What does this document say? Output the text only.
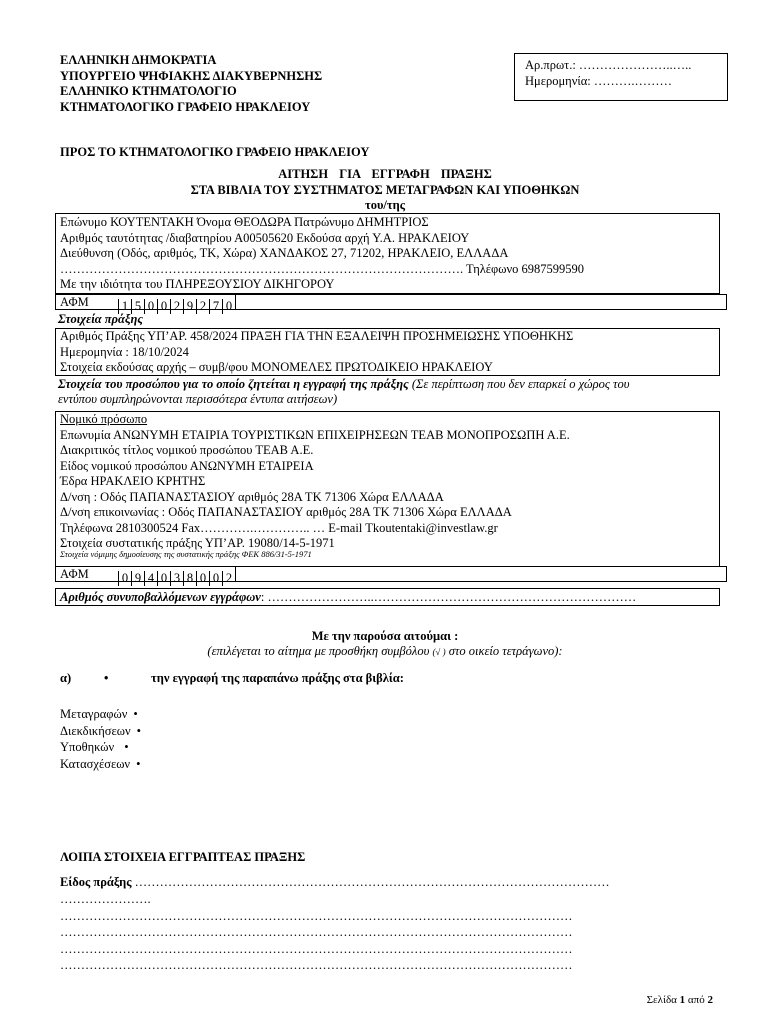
ΕΛΛΗΝΙΚΗ ΔΗΜΟΚΡΑΤΙΑ
ΥΠΟΥΡΓΕΙΟ ΨΗΦΙΑΚΗΣ ΔΙΑΚΥΒΕΡΝΗΣΗΣ
ΕΛΛΗΝΙΚΟ ΚΤΗΜΑΤΟΛΟΓΙΟ
ΚΤΗΜΑΤΟΛΟΓΙΚΟ ΓΡΑΦΕΙΟ ΗΡΑΚΛΕΙΟΥ
Αρ.πρωτ.: …………………..…..
Ημερομηνία: ……….………
ΠΡΟΣ ΤΟ ΚΤΗΜΑΤΟΛΟΓΙΚΟ ΓΡΑΦΕΙΟ ΗΡΑΚΛΕΙΟΥ
ΑΙΤΗΣΗ ΓΙΑ ΕΓΓΡΑΦΗ ΠΡΑΞΗΣ
ΣΤΑ ΒΙΒΛΙΑ ΤΟΥ ΣΥΣΤΗΜΑΤΟΣ ΜΕΤΑΓΡΑΦΩΝ ΚΑΙ ΥΠΟΘΗΚΩΝ
του/της
Επώνυμο ΚΟΥΤΕΝΤΑΚΗ Όνομα ΘΕΟΔΩΡΑ Πατρώνυμο ΔΗΜΗΤΡΙΟΣ
Αριθμός ταυτότητας /διαβατηρίου Α00505620 Εκδούσα αρχή Υ.Α. ΗΡΑΚΛΕΙΟΥ
Διεύθυνση (Οδός, αριθμός, ΤΚ, Χώρα) ΧΑΝΔΑΚΟΣ 27, 71202, ΗΡΑΚΛΕΙΟ, ΕΛΛΑΔΑ
……………………………………………………………………………………. Τηλέφωνο 6987599590
Με την ιδιότητα του ΠΛΗΡΕΞΟΥΣΙΟΥ ΔΙΚΗΓΟΡΟΥ
ΑΦΜ	1 5 0 0 2 9 2 7 0
Στοιχεία πράξης
Αριθμός Πράξης ΥΠ’ΑΡ. 458/2024 ΠΡΑΞΗ ΓΙΑ ΤΗΝ ΕΞΑΛΕΙΨΗ ΠΡΟΣΗΜΕΙΩΣΗΣ ΥΠΟΘΗΚΗΣ
Ημερομηνία : 18/10/2024
Στοιχεία εκδούσας αρχής – συμβ/φου ΜΟΝΟΜΕΛΕΣ ΠΡΩΤΟΔΙΚΕΙΟ ΗΡΑΚΛΕΙΟΥ
Στοιχεία του προσώπου για το οποίο ζητείται η εγγραφή της πράξης (Σε περίπτωση που δεν επαρκεί ο χώρος του
εντύπου συμπληρώνονται περισσότερα έντυπα αιτήσεων)
Νομικό πρόσωπο
Επωνυμία ΑΝΩΝΥΜΗ ΕΤΑΙΡΙΑ ΤΟΥΡΙΣΤΙΚΩΝ ΕΠΙΧΕΙΡΗΣΕΩΝ ΤΕΑΒ ΜΟΝΟΠΡΟΣΩΠΗ Α.Ε.
Διακριτικός τίτλος νομικού προσώπου ΤΕΑΒ Α.Ε.
Είδος νομικού προσώπου ΑΝΩΝΥΜΗ ΕΤΑΙΡΕΙΑ
Έδρα ΗΡΑΚΛΕΙΟ ΚΡΗΤΗΣ
Δ/νση : Οδός ΠΑΠΑΝΑΣΤΑΣΙΟΥ αριθμός 28Α ΤΚ 71306 Χώρα ΕΛΛΑΔΑ
Δ/νση επικοινωνίας : Οδός ΠΑΠΑΝΑΣΤΑΣΙΟΥ αριθμός 28Α ΤΚ 71306 Χώρα ΕΛΛΑΔΑ
Τηλέφωνα 2810300524 Fax………….………….. … E-mail Tkoutentaki@investlaw.gr
Στοιχεία συστατικής πράξης ΥΠ’ΑΡ. 19080/14-5-1971
Στοιχεία νόμιμης δημοσίευσης της συστατικής πράξης ΦΕΚ 886/31-5-1971
ΑΦΜ	0 9 4 0 3 8 0 0 2
Αριθμός συνυποβαλλόμενων εγγράφων: ……………………..………………………………………………………
Με την παρούσα αιτούμαι :
(επιλέγεται το αίτημα με προσθήκη συμβόλου (√ ) στο οικείο τετράγωνο):
α)	•	την εγγραφή της παραπάνω πράξης στα βιβλία:
Μεταγραφών •
Διεκδικήσεων •
Υποθηκών •
Κατασχέσεων •
ΛΟΙΠΑ ΣΤΟΙΧΕΙΑ ΕΓΓΡΑΠΤΕΑΣ ΠΡΑΞΗΣ
Είδος πράξης ……………………………………………………………………………………………………
………………….
……………………………………………………………………………………………………………
……………………………………………………………………………………………………………
……………………………………………………………………………………………………………
……………………………………………………………………………………………………………
Σελίδα 1 από 2
